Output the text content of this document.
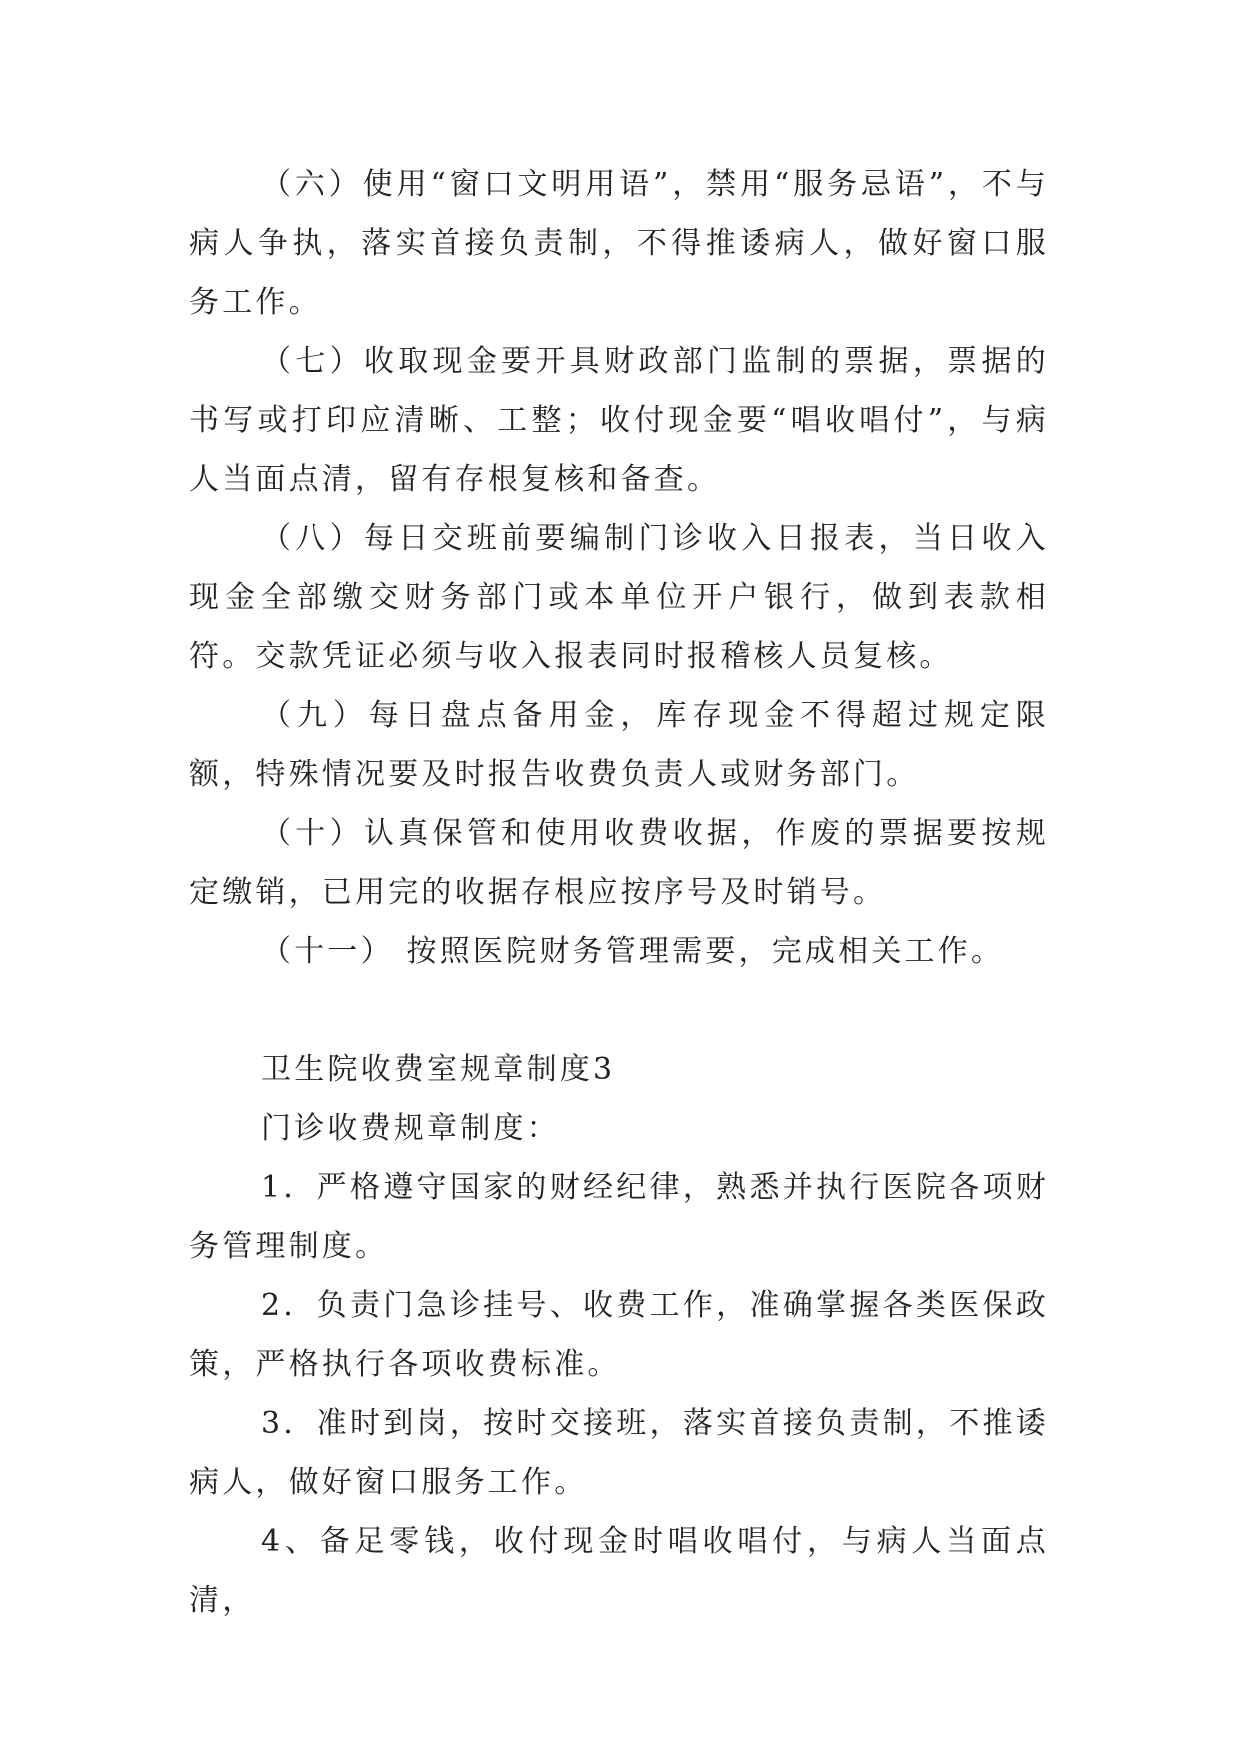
（六）使用“窗口文明用语”，禁用“服务忌语”，不与病人争执，落实首接负责制，不得推诿病人，做好窗口服务工作。

（七）收取现金要开具财政部门监制的票据，票据的书写或打印应清晰、工整；收付现金要“唱收唱付”，与病人当面点清，留有存根复核和备查。

（八）每日交班前要编制门诊收入日报表，当日收入现金全部缴交财务部门或本单位开户银行，做到表款相符。交款凭证必须与收入报表同时报稽核人员复核。

（九）每日盘点备用金，库存现金不得超过规定限额，特殊情况要及时报告收费负责人或财务部门。

（十）认真保管和使用收费收据，作废的票据要按规定缴销，已用完的收据存根应按序号及时销号。

（十一） 按照医院财务管理需要，完成相关工作。

卫生院收费室规章制度3

门诊收费规章制度：

1．严格遵守国家的财经纪律，熟悉并执行医院各项财务管理制度。

2．负责门急诊挂号、收费工作，准确掌握各类医保政策，严格执行各项收费标准。

3．准时到岗，按时交接班，落实首接负责制，不推诿病人，做好窗口服务工作。

4、备足零钱，收付现金时唱收唱付，与病人当面点清，
